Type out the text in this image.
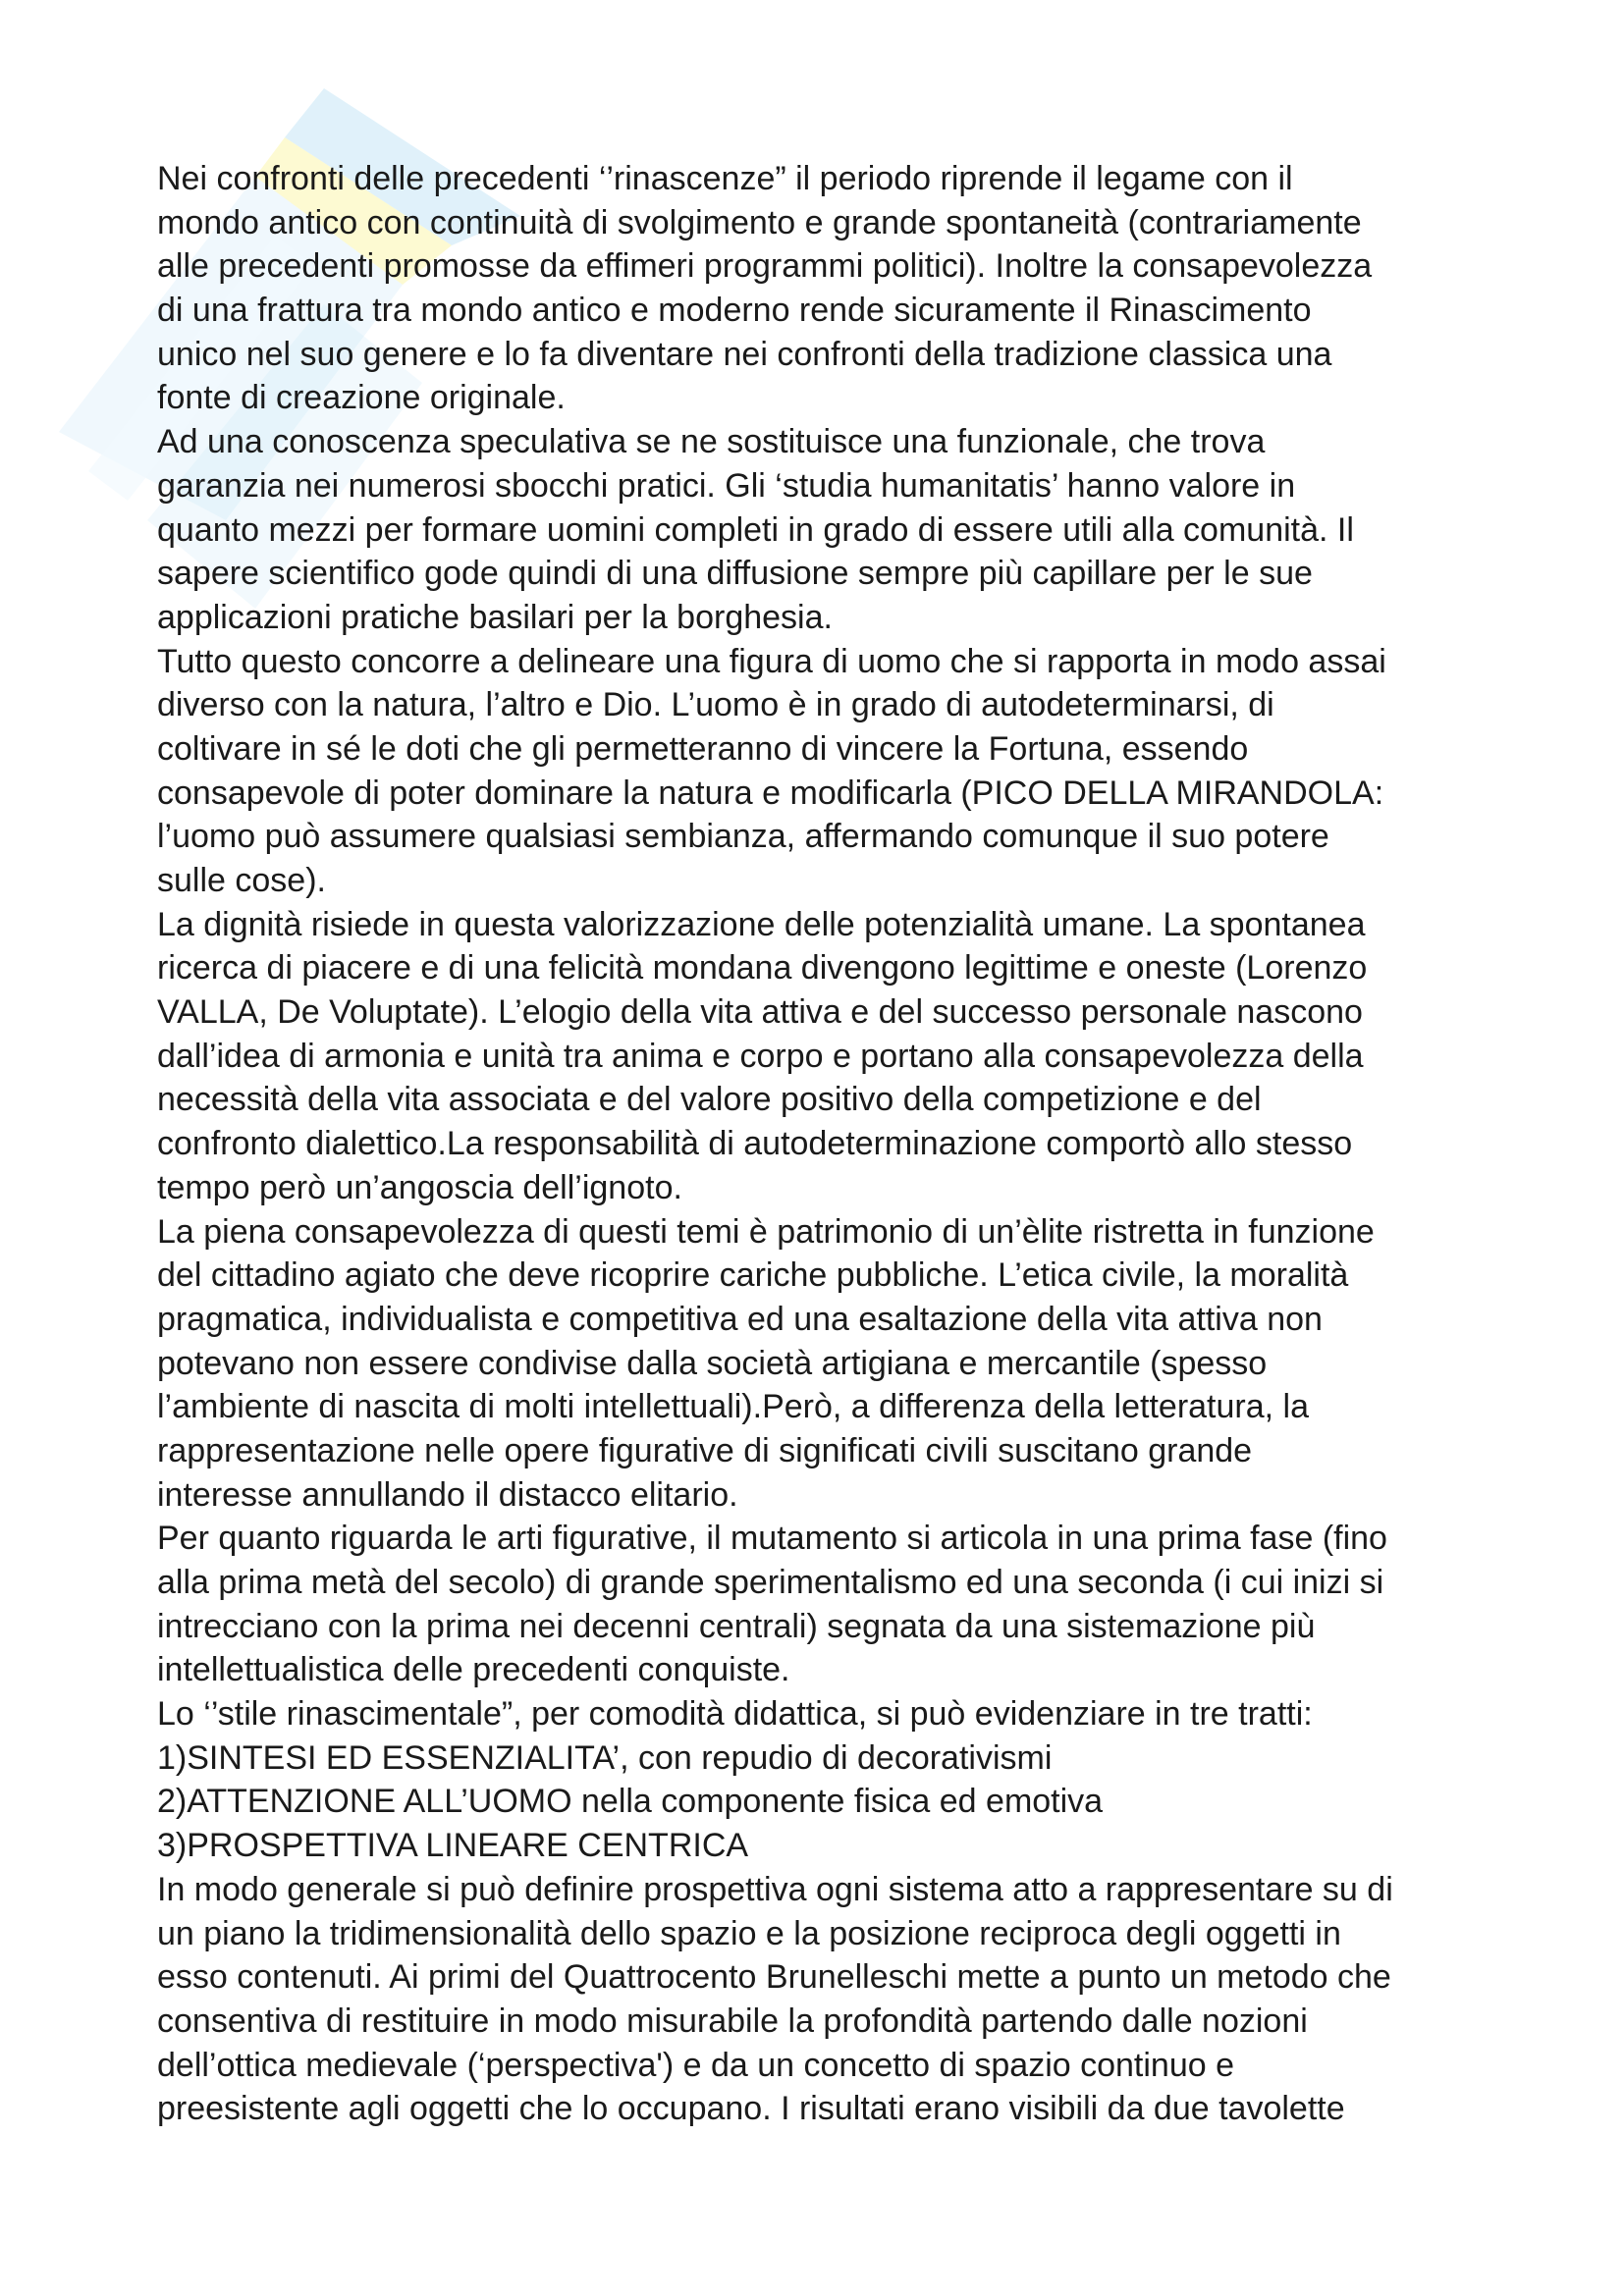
Nei confronti delle precedenti ‘’rinascenze” il periodo riprende il legame con il
mondo antico con continuità di svolgimento e grande spontaneità (contrariamente
alle precedenti promosse da effimeri programmi politici). Inoltre la consapevolezza
di una frattura tra mondo antico e moderno rende sicuramente il Rinascimento
unico nel suo genere e lo fa diventare nei confronti della tradizione classica una
fonte di creazione originale.
Ad una conoscenza speculativa se ne sostituisce una funzionale, che trova
garanzia nei numerosi sbocchi pratici. Gli ‘studia humanitatis’ hanno valore in
quanto mezzi per formare uomini completi in grado di essere utili alla comunità. Il
sapere scientifico gode quindi di una diffusione sempre più capillare per le sue
applicazioni pratiche basilari per la borghesia.
Tutto questo concorre a delineare una figura di uomo che si rapporta in modo assai
diverso con la natura, l’altro e Dio. L’uomo è in grado di autodeterminarsi, di
coltivare in sé le doti che gli permetteranno di vincere la Fortuna, essendo
consapevole di poter dominare la natura e modificarla (PICO DELLA MIRANDOLA:
l’uomo può assumere qualsiasi sembianza, affermando comunque il suo potere
sulle cose).
La dignità risiede in questa valorizzazione delle potenzialità umane. La spontanea
ricerca di piacere e di una felicità mondana divengono legittime e oneste (Lorenzo
VALLA, De Voluptate). L’elogio della vita attiva e del successo personale nascono
dall’idea di armonia e unità tra anima e corpo e portano alla consapevolezza della
necessità della vita associata e del valore positivo della competizione e del
confronto dialettico.La responsabilità di autodeterminazione comportò allo stesso
tempo però un’angoscia dell’ignoto.
La piena consapevolezza di questi temi è patrimonio di un’èlite ristretta in funzione
del cittadino agiato che deve ricoprire cariche pubbliche. L’etica civile, la moralità
pragmatica, individualista e competitiva ed una esaltazione della vita attiva non
potevano non essere condivise dalla società artigiana e mercantile (spesso
l’ambiente di nascita di molti intellettuali).Però, a differenza della letteratura, la
rappresentazione nelle opere figurative di significati civili suscitano grande
interesse annullando il distacco elitario.
Per quanto riguarda le arti figurative, il mutamento si articola in una prima fase (fino
alla prima metà del secolo) di grande sperimentalismo ed una seconda (i cui inizi si
intrecciano con la prima nei decenni centrali) segnata da una sistemazione più
intellettualistica delle precedenti conquiste.
Lo ‘’stile rinascimentale”, per comodità didattica, si può evidenziare in tre tratti:
1)SINTESI ED ESSENZIALITA’, con repudio di decorativismi
2)ATTENZIONE ALL’UOMO nella componente fisica ed emotiva
3)PROSPETTIVA LINEARE CENTRICA
In modo generale si può definire prospettiva ogni sistema atto a rappresentare su di
un piano la tridimensionalità dello spazio e la posizione reciproca degli oggetti in
esso contenuti. Ai primi del Quattrocento Brunelleschi mette a punto un metodo che
consentiva di restituire in modo misurabile la profondità partendo dalle nozioni
dell’ottica medievale (‘perspectiva') e da un concetto di spazio continuo e
preesistente agli oggetti che lo occupano. I risultati erano visibili da due tavolette
